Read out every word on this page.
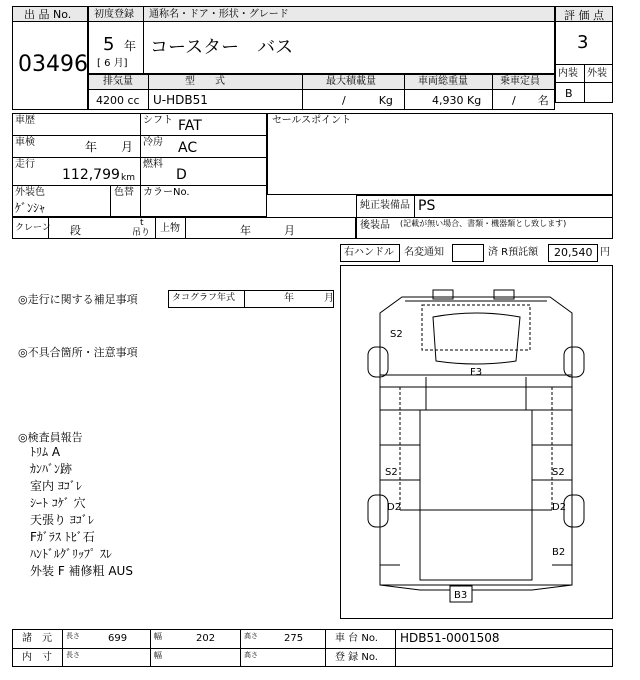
出 品 No.
03496
初度登録 通称名・ドア・形状・グレード
5 年
[ 6 月]
コースター　バス
評 価 点
3
内装 外装
B
排気量	型　　式	最大積載量	車両総重量	乗車定員
4200 cc U-HDB51	/　　　Kg	4,930 Kg	/　　名
車歴	シフト FAT
車検	年　　月 冷房 AC
走行
112,799 km
燃料
D
外装色
ｹﾞﾝｼｬ
色替 カラーNo.
セールスポイント
純正装備品 PS
後装品 (記載が無い場合、書類・機器類とし致します)
クレーン 段
t
吊り 上物	年　　　月
右ハンドル 名変通知	済 R預託額 20,540 円
◎走行に関する補足事項	タコグラフ年式	年　　　月
◎不具合箇所・注意事項
◎検査員報告
ﾄﾘﾑ A
ｶﾝﾊﾞﾝ跡
室内 ﾖｺﾞﾚ
ｼｰﾄ ｺｹﾞ 穴
天張り ﾖｺﾞﾚ
Fｶﾞﾗｽ ﾄﾋﾞ石
ﾊﾝﾄﾞﾙｸﾞﾘｯﾌﾟ ｽﾚ
外装 F 補修粗 AUS
S2
F3
S2	S2
D2	D2
B2
B3
諸　元 長さ	699	幅	202	高さ	275	車 台 No. HDB51-0001508
内　寸 長さ	幅	高さ	登 録 No.
